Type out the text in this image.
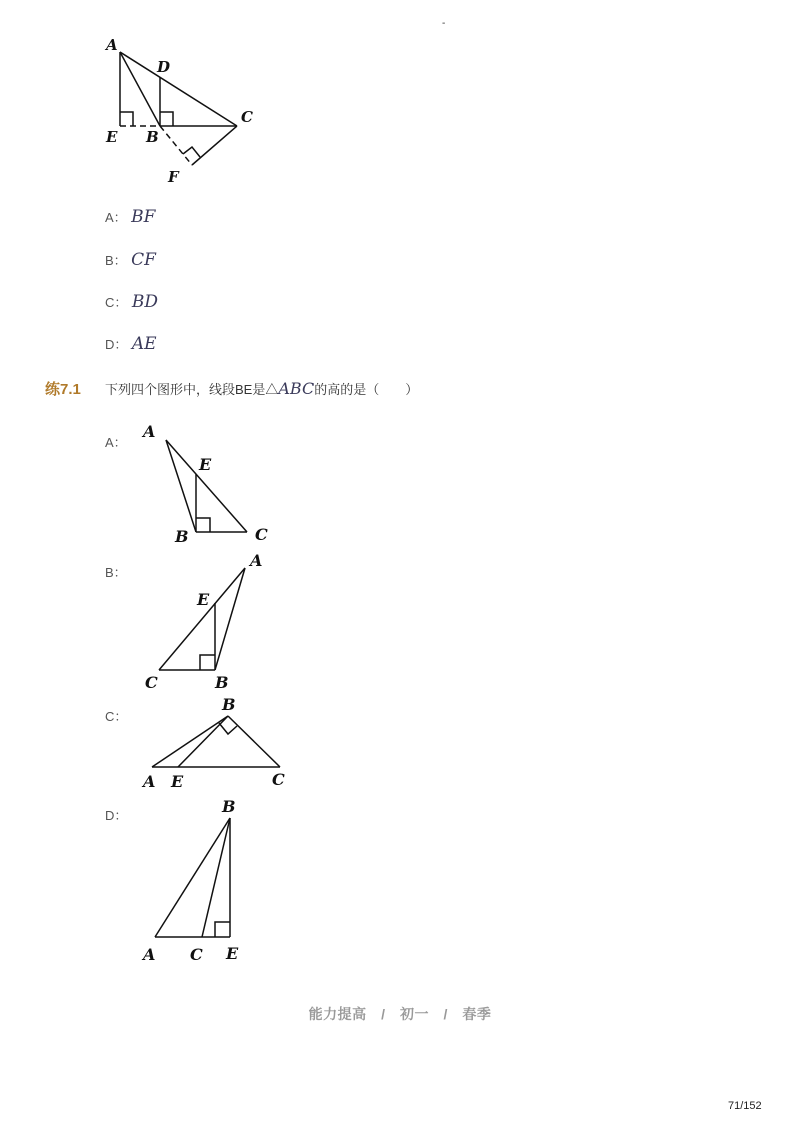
-
A
D
C
E B
F
A： BF
B： CF
C： BD
D： AE
练7.1 下列四个图形中，线段BE是△ABC的高的是（　　）
A：
A
E
B	C
B：
A
E
C	B
C：
B
A E	C
D：	B
A C E
能力提高　/　初一　/　春季
71/152
